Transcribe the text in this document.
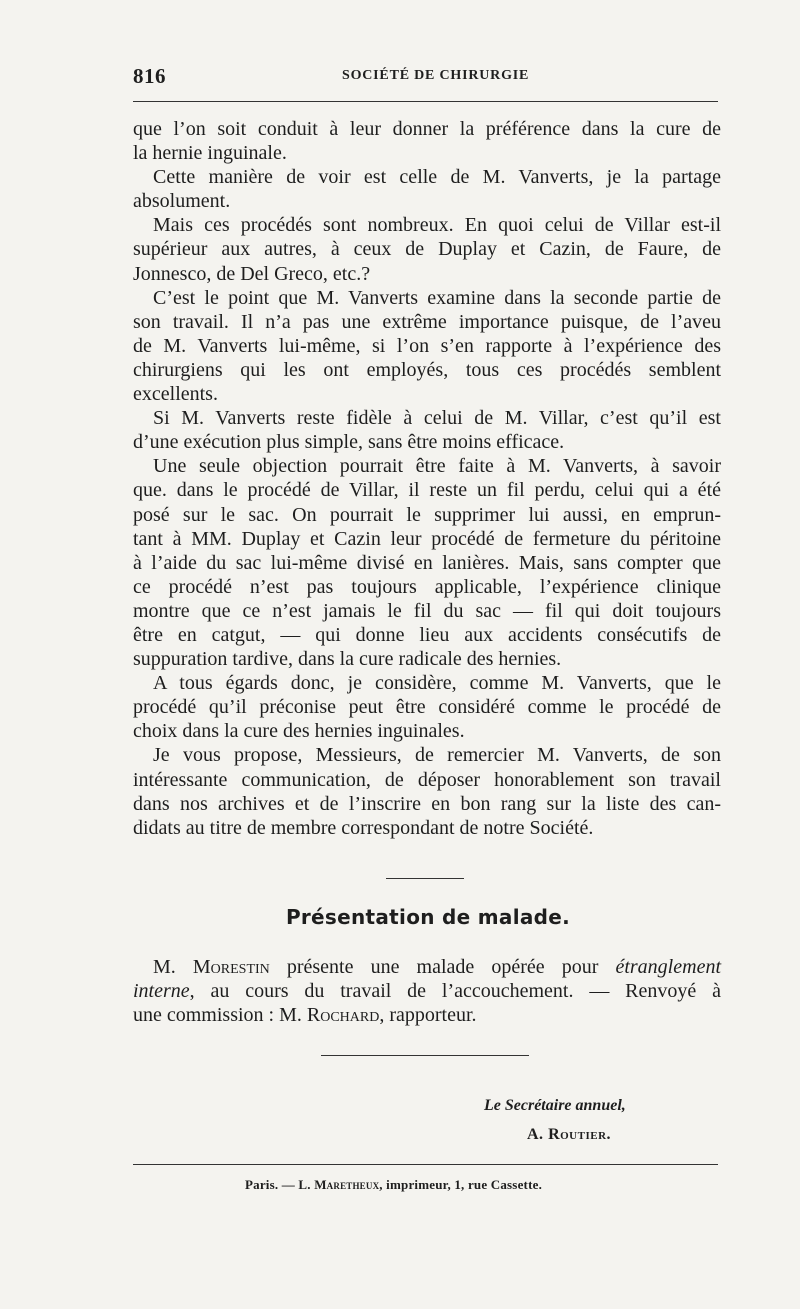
816	SOCIÉTÉ DE CHIRURGIE
que l’on soit conduit à leur donner la préférence dans la cure de
la hernie inguinale.
Cette manière de voir est celle de M. Vanverts, je la partage
absolument.
Mais ces procédés sont nombreux. En quoi celui de Villar est-il
supérieur aux autres, à ceux de Duplay et Cazin, de Faure, de
Jonnesco, de Del Greco, etc.?
C’est le point que M. Vanverts examine dans la seconde partie de
son travail. Il n’a pas une extrême importance puisque, de l’aveu
de M. Vanverts lui-même, si l’on s’en rapporte à l’expérience des
chirurgiens qui les ont employés, tous ces procédés semblent
excellents.
Si M. Vanverts reste fidèle à celui de M. Villar, c’est qu’il est
d’une exécution plus simple, sans être moins efficace.
Une seule objection pourrait être faite à M. Vanverts, à savoir
que. dans le procédé de Villar, il reste un fil perdu, celui qui a été
posé sur le sac. On pourrait le supprimer lui aussi, en emprun-
tant à MM. Duplay et Cazin leur procédé de fermeture du péritoine
à l’aide du sac lui-même divisé en lanières. Mais, sans compter que
ce procédé n’est pas toujours applicable, l’expérience clinique
montre que ce n’est jamais le fil du sac — fil qui doit toujours
être en catgut, — qui donne lieu aux accidents consécutifs de
suppuration tardive, dans la cure radicale des hernies.
A tous égards donc, je considère, comme M. Vanverts, que le
procédé qu’il préconise peut être considéré comme le procédé de
choix dans la cure des hernies inguinales.
Je vous propose, Messieurs, de remercier M. Vanverts, de son
intéressante communication, de déposer honorablement son travail
dans nos archives et de l’inscrire en bon rang sur la liste des can-
didats au titre de membre correspondant de notre Société.
Présentation de malade.
M. Morestin présente une malade opérée pour étranglement
interne, au cours du travail de l’accouchement. — Renvoyé à
une commission : M. Rochard, rapporteur.
Le Secrétaire annuel,
A. Routier.
Paris. — L. Maretheux, imprimeur, 1, rue Cassette.
